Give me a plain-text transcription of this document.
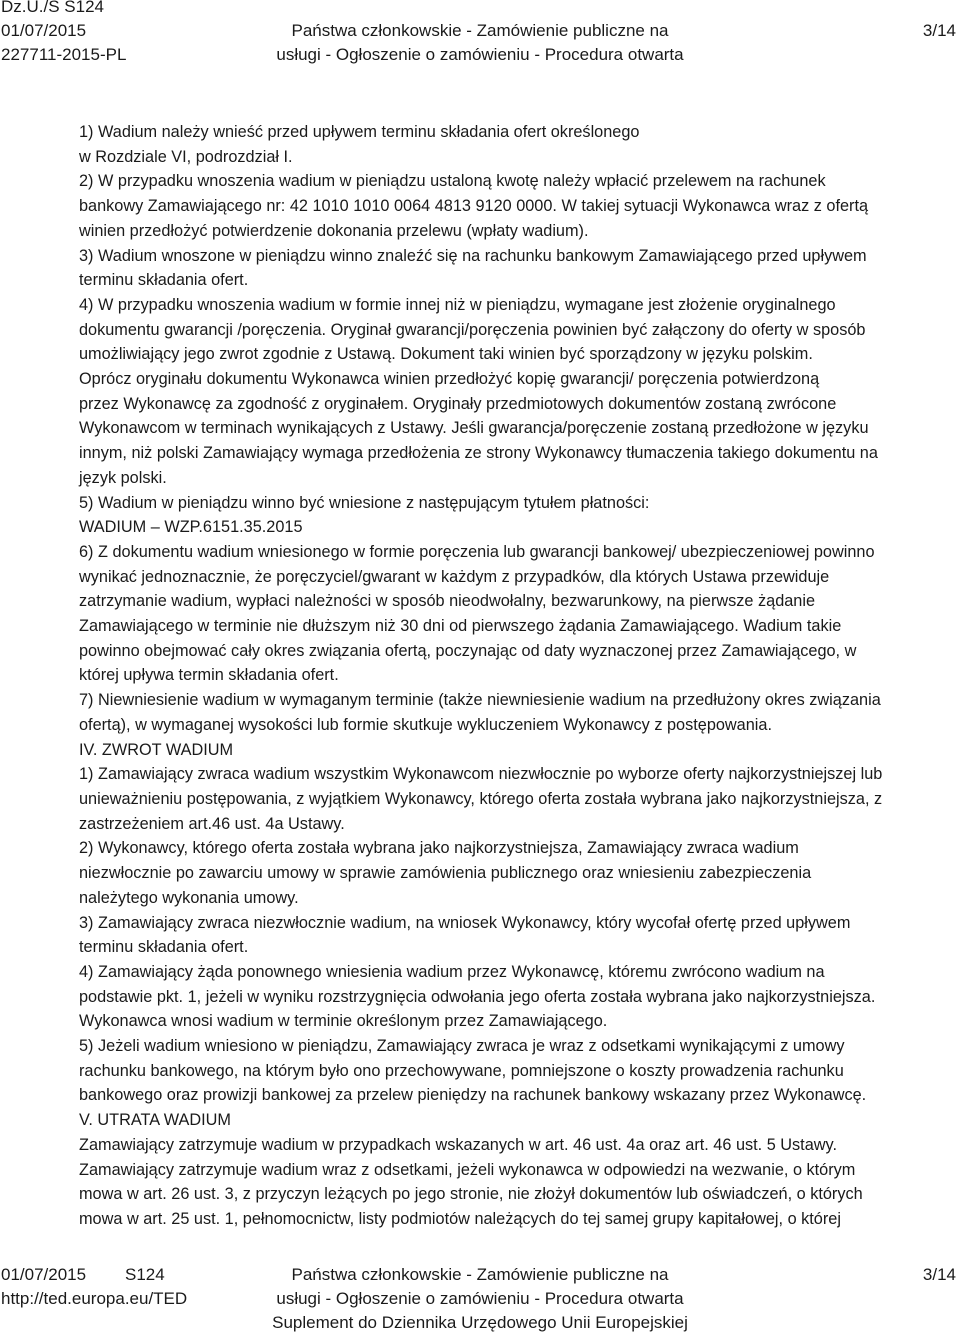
Dz.U./S S124
01/07/2015
227711-2015-PL
Państwa członkowskie - Zamówienie publiczne na
usługi - Ogłoszenie o zamówieniu - Procedura otwarta
3/14

1) Wadium należy wnieść przed upływem terminu składania ofert określonego

w Rozdziale VI, podrozdział I.

2) W przypadku wnoszenia wadium w pieniądzu ustaloną kwotę należy wpłacić przelewem na rachunek

bankowy Zamawiającego nr: 42 1010 1010 0064 4813 9120 0000. W takiej sytuacji Wykonawca wraz z ofertą

winien przedłożyć potwierdzenie dokonania przelewu (wpłaty wadium).

3) Wadium wnoszone w pieniądzu winno znaleźć się na rachunku bankowym Zamawiającego przed upływem

terminu składania ofert.

4) W przypadku wnoszenia wadium w formie innej niż w pieniądzu, wymagane jest złożenie oryginalnego

dokumentu gwarancji /poręczenia. Oryginał gwarancji/poręczenia powinien być załączony do oferty w sposób

umożliwiający jego zwrot zgodnie z Ustawą. Dokument taki winien być sporządzony w języku polskim.

Oprócz oryginału dokumentu Wykonawca winien przedłożyć kopię gwarancji/ poręczenia potwierdzoną

przez Wykonawcę za zgodność z oryginałem. Oryginały przedmiotowych dokumentów zostaną zwrócone

Wykonawcom w terminach wynikających z Ustawy. Jeśli gwarancja/poręczenie zostaną przedłożone w języku

innym, niż polski Zamawiający wymaga przedłożenia ze strony Wykonawcy tłumaczenia takiego dokumentu na

język polski.

5) Wadium w pieniądzu winno być wniesione z następującym tytułem płatności:

WADIUM – WZP.6151.35.2015

6) Z dokumentu wadium wniesionego w formie poręczenia lub gwarancji bankowej/ ubezpieczeniowej powinno

wynikać jednoznacznie, że poręczyciel/gwarant w każdym z przypadków, dla których Ustawa przewiduje

zatrzymanie wadium, wypłaci należności w sposób nieodwołalny, bezwarunkowy, na pierwsze żądanie

Zamawiającego w terminie nie dłuższym niż 30 dni od pierwszego żądania Zamawiającego. Wadium takie

powinno obejmować cały okres związania ofertą, poczynając od daty wyznaczonej przez Zamawiającego, w

której upływa termin składania ofert.

7) Niewniesienie wadium w wymaganym terminie (także niewniesienie wadium na przedłużony okres związania

ofertą), w wymaganej wysokości lub formie skutkuje wykluczeniem Wykonawcy z postępowania.

IV. ZWROT WADIUM

1) Zamawiający zwraca wadium wszystkim Wykonawcom niezwłocznie po wyborze oferty najkorzystniejszej lub

unieważnieniu postępowania, z wyjątkiem Wykonawcy, którego oferta została wybrana jako najkorzystniejsza, z

zastrzeżeniem art.46 ust. 4a Ustawy.

2) Wykonawcy, którego oferta została wybrana jako najkorzystniejsza, Zamawiający zwraca wadium

niezwłocznie po zawarciu umowy w sprawie zamówienia publicznego oraz wniesieniu zabezpieczenia

należytego wykonania umowy.

3) Zamawiający zwraca niezwłocznie wadium, na wniosek Wykonawcy, który wycofał ofertę przed upływem

terminu składania ofert.

4) Zamawiający żąda ponownego wniesienia wadium przez Wykonawcę, któremu zwrócono wadium na

podstawie pkt. 1, jeżeli w wyniku rozstrzygnięcia odwołania jego oferta została wybrana jako najkorzystniejsza.

Wykonawca wnosi wadium w terminie określonym przez Zamawiającego.

5) Jeżeli wadium wniesiono w pieniądzu, Zamawiający zwraca je wraz z odsetkami wynikającymi z umowy

rachunku bankowego, na którym było ono przechowywane, pomniejszone o koszty prowadzenia rachunku

bankowego oraz prowizji bankowej za przelew pieniędzy na rachunek bankowy wskazany przez Wykonawcę.

V. UTRATA WADIUM

Zamawiający zatrzymuje wadium w przypadkach wskazanych w art. 46 ust. 4a oraz art. 46 ust. 5 Ustawy.

Zamawiający zatrzymuje wadium wraz z odsetkami, jeżeli wykonawca w odpowiedzi na wezwanie, o którym

mowa w art. 26 ust. 3, z przyczyn leżących po jego stronie, nie złożył dokumentów lub oświadczeń, o których

mowa w art. 25 ust. 1, pełnomocnictw, listy podmiotów należących do tej samej grupy kapitałowej, o której

01/07/2015 S124
http://ted.europa.eu/TED
Państwa członkowskie - Zamówienie publiczne na
usługi - Ogłoszenie o zamówieniu - Procedura otwarta
Suplement do Dziennika Urzędowego Unii Europejskiej
3/14
